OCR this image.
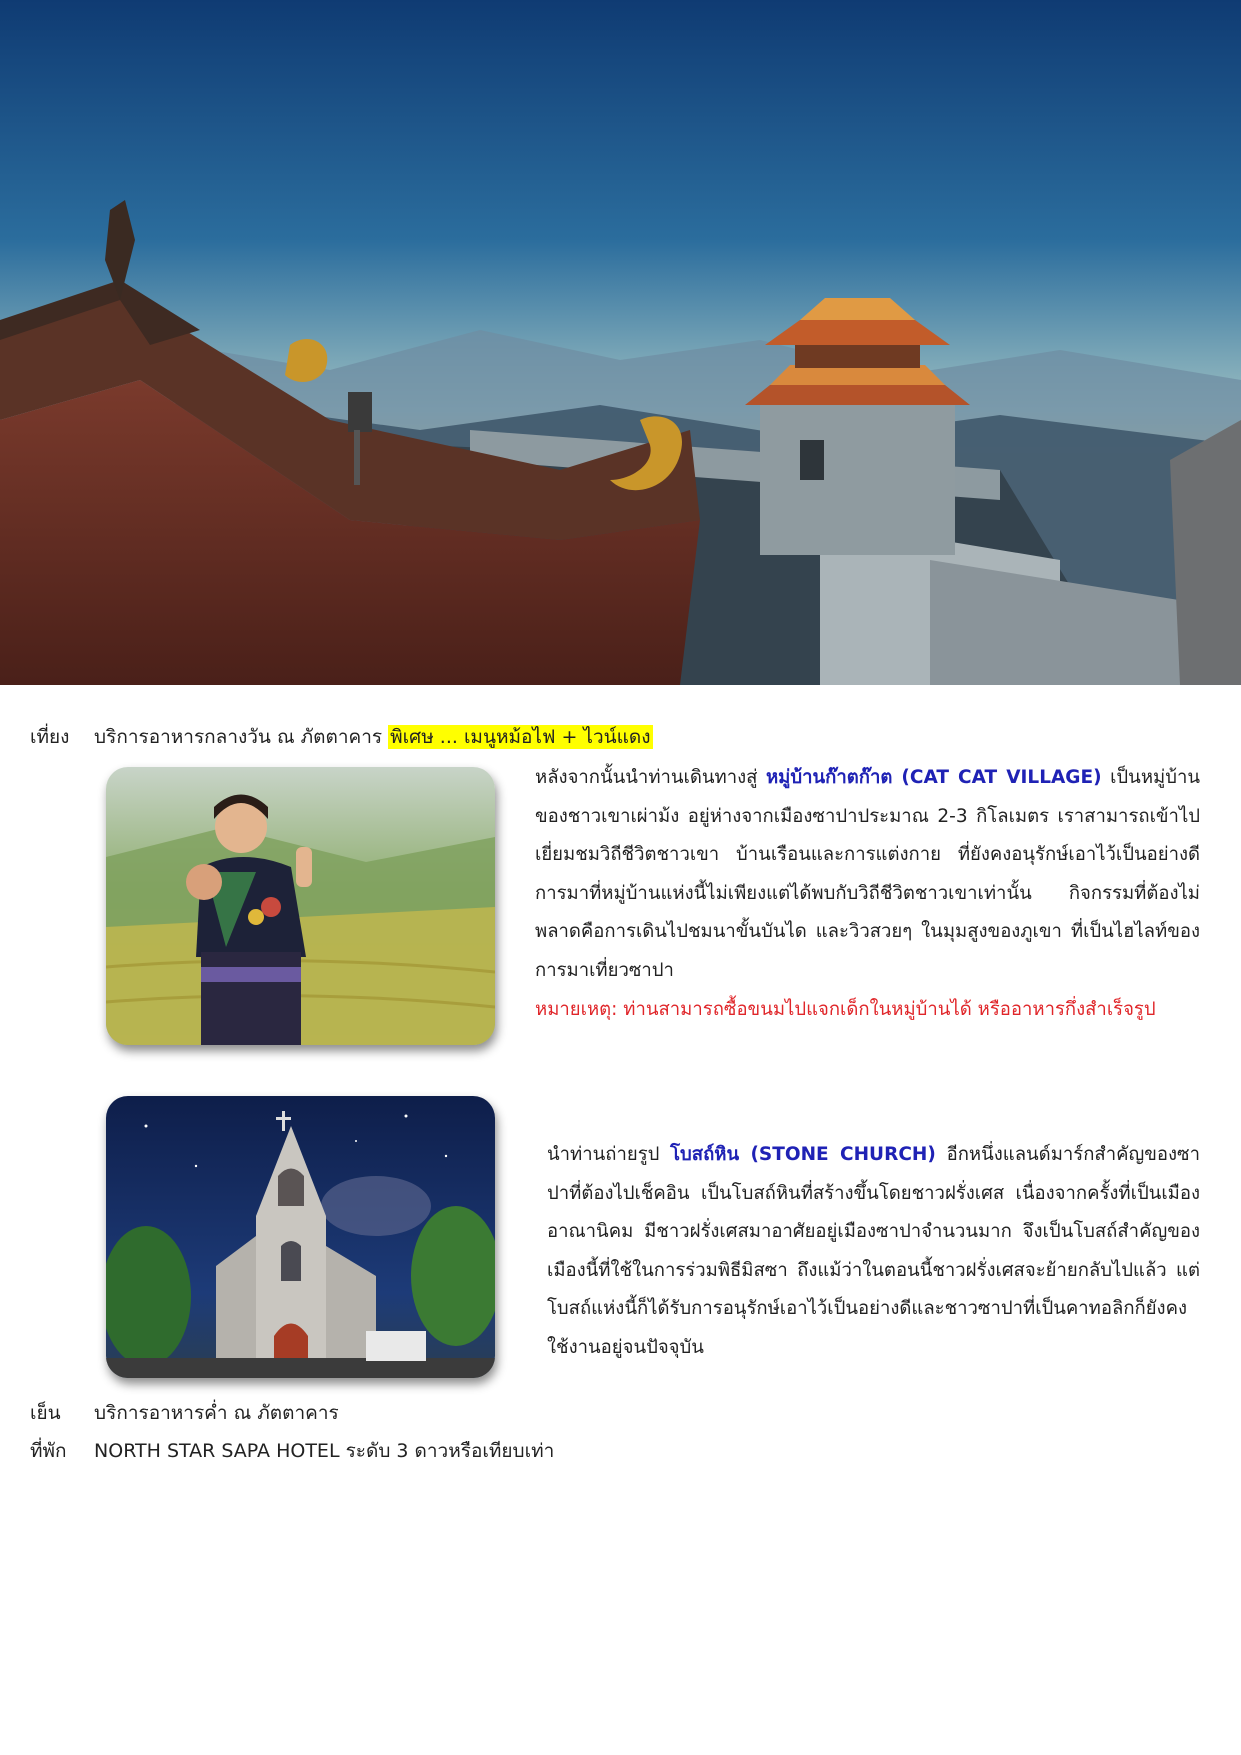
เที่ยง บริการอาหารกลางวัน ณ ภัตตาคาร พิเศษ ... เมนูหม้อไฟ + ไวน์แดง
หลังจากนั้นนำท่านเดินทางสู่ หมู่บ้านก๊าตก๊าต (CAT CAT VILLAGE) เป็นหมู่บ้านของชาวเขาเผ่าม้ง อยู่ห่างจากเมืองซาปาประมาณ 2-3 กิโลเมตร เราสามารถเข้าไปเยี่ยมชมวิถีชีวิตชาวเขา บ้านเรือนและการแต่งกาย ที่ยังคงอนุรักษ์เอาไว้เป็นอย่างดี การมาที่หมู่บ้านแห่งนี้ไม่เพียงแต่ได้พบกับวิถีชีวิตชาวเขาเท่านั้น กิจกรรมที่ต้องไม่พลาดคือการเดินไปชมนาขั้นบันได และวิวสวยๆ ในมุมสูงของภูเขา ที่เป็นไฮไลท์ของการมาเที่ยวซาปา
หมายเหตุ: ท่านสามารถซื้อขนมไปแจกเด็กในหมู่บ้านได้ หรืออาหารกึ่งสำเร็จรูป
นำท่านถ่ายรูป โบสถ์หิน (STONE CHURCH) อีกหนึ่งแลนด์มาร์กสำคัญของซาปาที่ต้องไปเช็คอิน เป็นโบสถ์หินที่สร้างขึ้นโดยชาวฝรั่งเศส เนื่องจากครั้งที่เป็นเมืองอาณานิคม มีชาวฝรั่งเศสมาอาศัยอยู่เมืองซาปาจำนวนมาก จึงเป็นโบสถ์สำคัญของเมืองนี้ที่ใช้ในการร่วมพิธีมิสซา ถึงแม้ว่าในตอนนี้ชาวฝรั่งเศสจะย้ายกลับไปแล้ว แต่โบสถ์แห่งนี้ก็ได้รับการอนุรักษ์เอาไว้เป็นอย่างดีและชาวซาปาที่เป็นคาทอลิกก็ยังคงใช้งานอยู่จนปัจจุบัน
เย็น บริการอาหารค่ำ ณ ภัตตาคาร
ที่พัก NORTH STAR SAPA HOTEL ระดับ 3 ดาวหรือเทียบเท่า
